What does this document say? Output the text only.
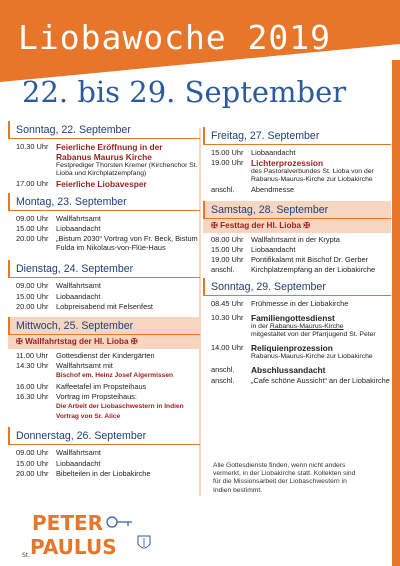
Liobawoche 2019
22. bis 29. September
Sonntag, 22. September
10.30 Uhr Feierliche Eröffnung in der Rabanus Maurus Kirche
Festprediger Thorsten Kremer (Kirchenchor St. Lioba und Kirchplatzempfang)
17.00 Uhr Feierliche Liobavesper
Montag, 23. September
09.00 Uhr	Wallfahrtsamt
15.00 Uhr	Liobaandacht
20.00 Uhr	„Bistum 2030“ Vortrag von Fr. Beck, Bistum Fulda im Nikolaus-von-Flüe-Haus
Dienstag, 24. September
09.00 Uhr	Wallfahrtsamt
15.00 Uhr	Liobaandacht
20.00 Uhr	Lobpreisabend mit Felsenfest
Mittwoch, 25. September
✠ Wallfahrtstag der Hl. Lioba ✠
11.00 Uhr	Gottesdienst der Kindergärten
14.30 Uhr	Wallfahrtsamt mit
Bischof em. Heinz Josef Algermissen
16.00 Uhr	Kaffeetafel im Propsteihaus
16.30 Uhr	Vortrag im Propsteihaus:
Die Arbeit der Liobaschwestern in Indien Vortrag von Sr. Alice
Donnerstag, 26. September
09.00 Uhr	Wallfahrtsamt
15.00 Uhr	Liobaandacht
20.00 Uhr	Bibelteilen in der Liobakirche
Freitag, 27. September
15.00 Uhr	Liobaandacht
19.00 Uhr Lichterprozession
des Pastoralverbundes St. Lioba von der Rabanus-Maurus-Kirche zur Liobakirche
anschl.	Abendmesse
Samstag, 28. September
✠ Festtag der Hl. Lioba ✠
08.00 Uhr	Wallfahrtsamt in der Krypta
15.00 Uhr	Liobaandacht
19.00 Uhr	Pontifikalamt mit Bischof Dr. Gerber
anschl.	Kirchplatzempfang an der Liobakirche
Sonntag, 29. September
08.45 Uhr	Frühmesse in der Liobakirche
10.30 Uhr Familiengottesdienst
in der Rabanus-Maurus-Kirche
mitgestaltet von der Pfarrjugend St. Peter
14.00 Uhr Reliquienprozession
Rabanus-Maurus-Kirche zur Liobakirche
anschl.	Abschlussandacht
anschl.	„Cafe schöne Aussicht“ an der Liobakirche
Alle Gottesdienste finden, wenn nicht anders vermerkt, in der Liobakirche statt. Kollekten sind für die Missionsarbeit der Liobaschwestern in Indien bestimmt.
St.
PETER
PAULUS
